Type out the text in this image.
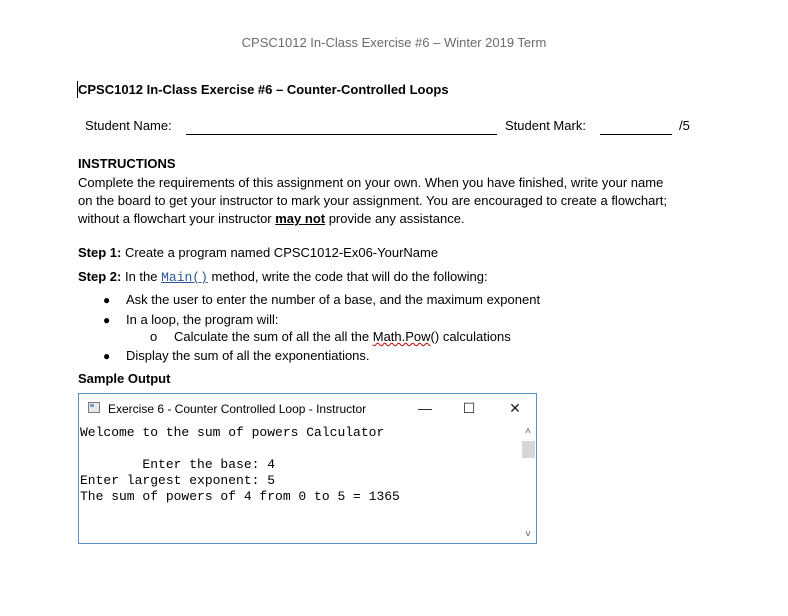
CPSC1012 In-Class Exercise #6 – Winter 2019 Term
CPSC1012 In-Class Exercise #6 – Counter-Controlled Loops
Student Name:	Student Mark:	/5
INSTRUCTIONS
Complete the requirements of this assignment on your own. When you have finished, write your name
on the board to get your instructor to mark your assignment. You are encouraged to create a flowchart;
without a flowchart your instructor may not provide any assistance.
Step 1: Create a program named CPSC1012-Ex06-YourName
Step 2: In the Main() method, write the code that will do the following:
● Ask the user to enter the number of a base, and the maximum exponent
● In a loop, the program will:
o Calculate the sum of all the all the Math.Pow() calculations
● Display the sum of all the exponentiations.
Sample Output
Exercise 6 - Counter Controlled Loop - Instructor	—	☐	✕
Welcome to the sum of powers Calculator
Enter the base: 4
Enter largest exponent: 5
The sum of powers of 4 from 0 to 5 = 1365
˄
˅
